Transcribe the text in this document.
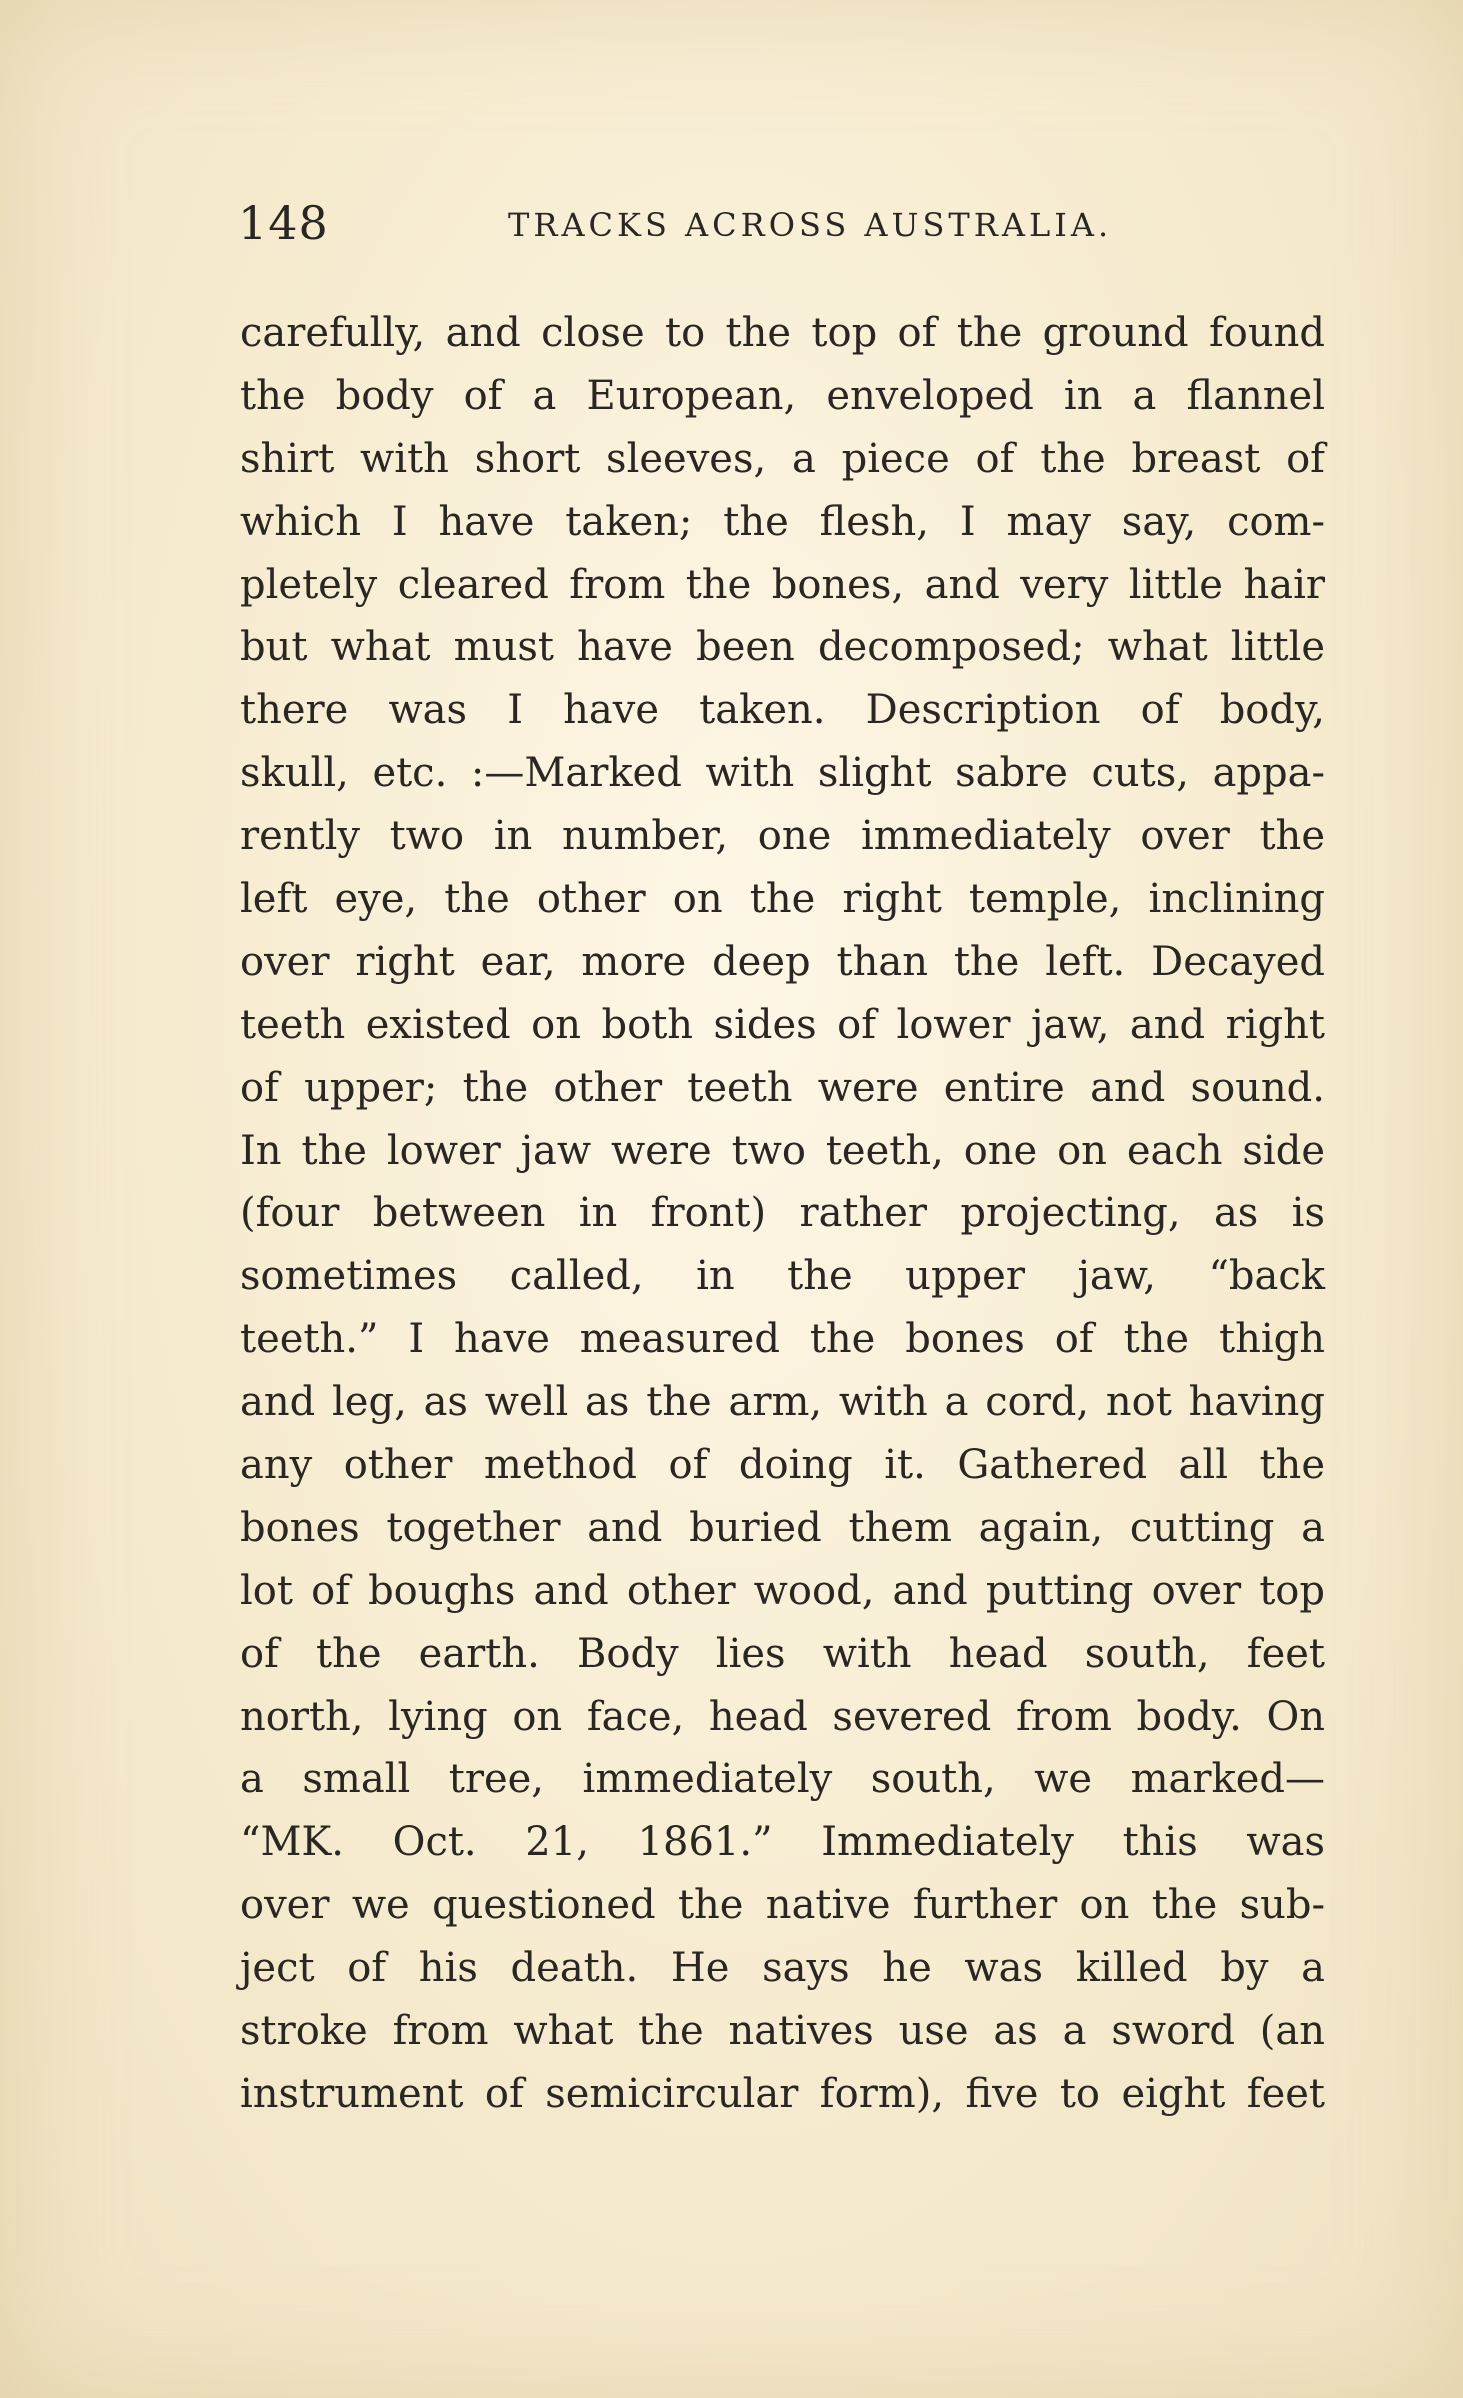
148	TRACKS ACROSS AUSTRALIA.
carefully, and close to the top of the ground found
the body of a European, enveloped in a flannel
shirt with short sleeves, a piece of the breast of
which I have taken; the flesh, I may say, com-
pletely cleared from the bones, and very little hair
but what must have been decomposed; what little
there was I have taken. Description of body,
skull, etc. :—Marked with slight sabre cuts, appa-
rently two in number, one immediately over the
left eye, the other on the right temple, inclining
over right ear, more deep than the left. Decayed
teeth existed on both sides of lower jaw, and right
of upper; the other teeth were entire and sound.
In the lower jaw were two teeth, one on each side
(four between in front) rather projecting, as is
sometimes called, in the upper jaw, “back
teeth.” I have measured the bones of the thigh
and leg, as well as the arm, with a cord, not having
any other method of doing it. Gathered all the
bones together and buried them again, cutting a
lot of boughs and other wood, and putting over top
of the earth. Body lies with head south, feet
north, lying on face, head severed from body. On
a small tree, immediately south, we marked—
“MK. Oct. 21, 1861.” Immediately this was
over we questioned the native further on the sub-
ject of his death. He says he was killed by a
stroke from what the natives use as a sword (an
instrument of semicircular form), five to eight feet
